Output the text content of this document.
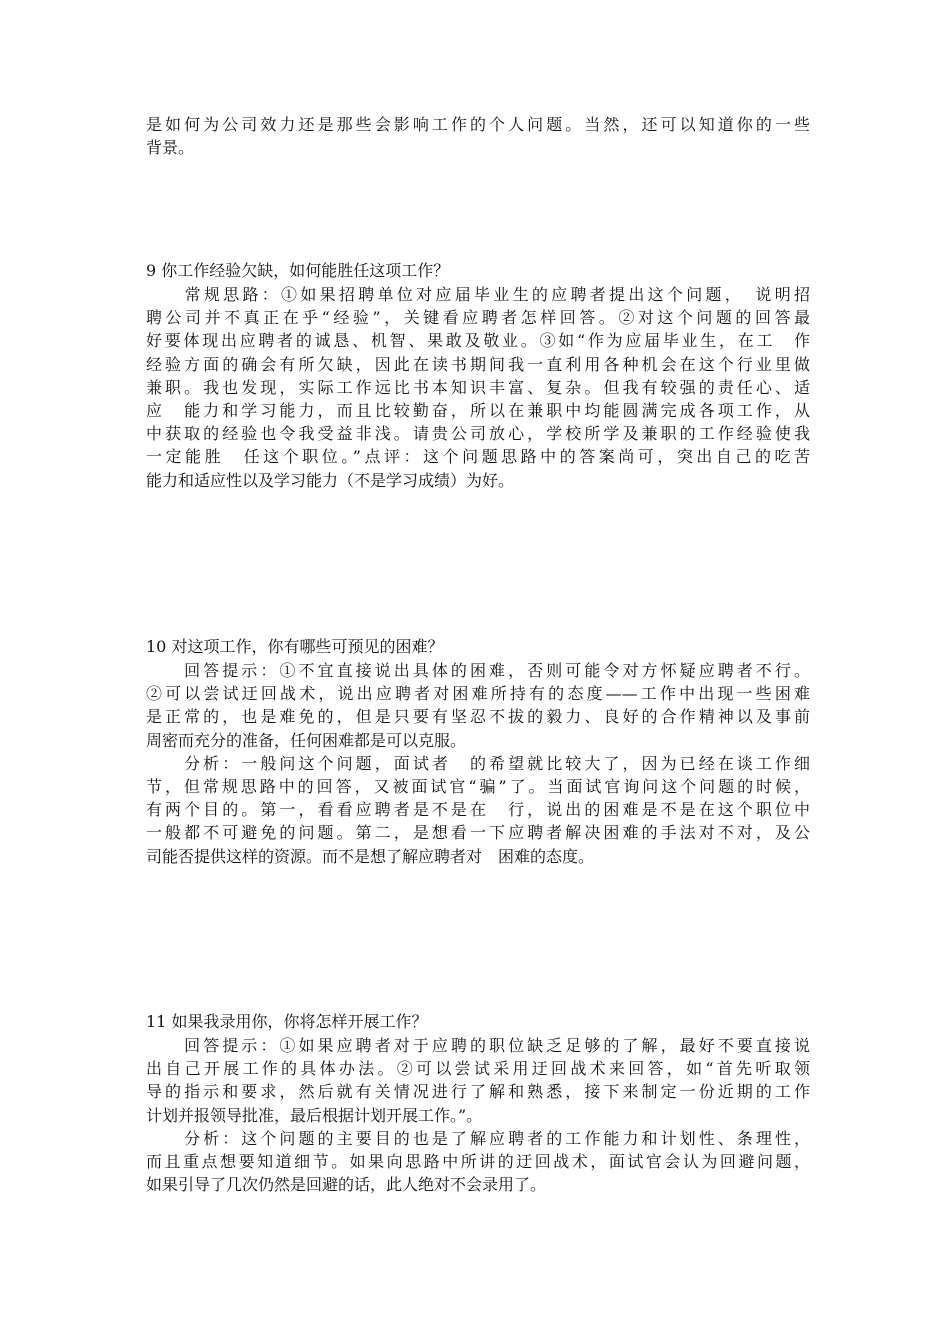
是如何为公司效力还是那些会影响工作的个人问题。当然，还可以知道你的一些
背景。
9 你工作经验欠缺，如何能胜任这项工作？
　　常规思路：①如果招聘单位对应届毕业生的应聘者提出这个问题，　说明招
聘公司并不真正在乎“经验”，关键看应聘者怎样回答。②对这个问题的回答最
好要体现出应聘者的诚恳、机智、果敢及敬业。③如“作为应届毕业生，在工　作
经验方面的确会有所欠缺，因此在读书期间我一直利用各种机会在这个行业里做
兼职。我也发现，实际工作远比书本知识丰富、复杂。但我有较强的责任心、适
应　能力和学习能力，而且比较勤奋，所以在兼职中均能圆满完成各项工作，从
中获取的经验也令我受益非浅。请贵公司放心，学校所学及兼职的工作经验使我
一定能胜　任这个职位。”点评：这个问题思路中的答案尚可，突出自己的吃苦
能力和适应性以及学习能力（不是学习成绩）为好。
10 对这项工作，你有哪些可预见的困难？
　　回答提示：①不宜直接说出具体的困难，否则可能令对方怀疑应聘者不行。
②可以尝试迂回战术，说出应聘者对困难所持有的态度——工作中出现一些困难
是正常的，也是难免的，但是只要有坚忍不拔的毅力、良好的合作精神以及事前
周密而充分的准备，任何困难都是可以克服。
　　分析：一般问这个问题，面试者　的希望就比较大了，因为已经在谈工作细
节，但常规思路中的回答，又被面试官“骗”了。当面试官询问这个问题的时候，
有两个目的。第一，看看应聘者是不是在　行，说出的困难是不是在这个职位中
一般都不可避免的问题。第二，是想看一下应聘者解决困难的手法对不对，及公
司能否提供这样的资源。而不是想了解应聘者对　困难的态度。
11 如果我录用你，你将怎样开展工作？
　　回答提示：①如果应聘者对于应聘的职位缺乏足够的了解，最好不要直接说
出自己开展工作的具体办法。②可以尝试采用迂回战术来回答，如“首先听取领
导的指示和要求，然后就有关情况进行了解和熟悉，接下来制定一份近期的工作
计划并报领导批准，最后根据计划开展工作。”。
　　分析：这个问题的主要目的也是了解应聘者的工作能力和计划性、条理性，
而且重点想要知道细节。如果向思路中所讲的迂回战术，面试官会认为回避问题，
如果引导了几次仍然是回避的话，此人绝对不会录用了。
